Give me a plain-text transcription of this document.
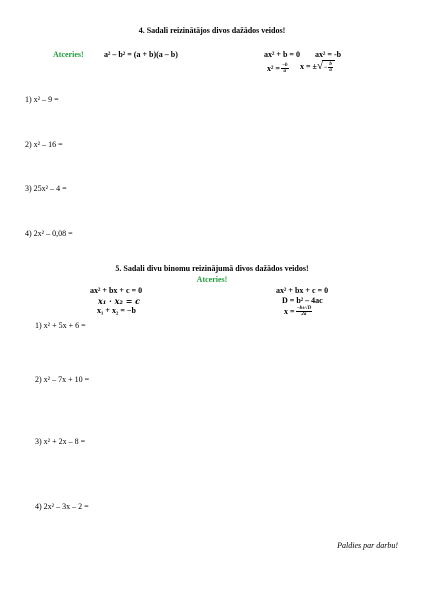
4. Sadali reizinātājos divos dažādos veidos!
Atceries!	a² – b² = (a + b)(a – b)	ax² + b = 0 ax² = -b
$x^2 = \frac{-b}{a}$ x = ± √ − $\frac{b}{a}$
1) x² – 9 =
2) x² – 16 =
3) 25x² – 4 =
4) 2x² – 0,08 =
5. Sadali divu binomu reizinājumā divos dažādos veidos!
Atceries!
ax² + bx + c = 0
x₁ · x₂ = c
x₁ + x₂ = −b
ax² + bx + c = 0
D = b² – 4ac
$x = \frac{-b\pm√D}{2a}$
1) x² + 5x + 6 =
2) x² – 7x + 10 =
3) x² + 2x – 8 =
4) 2x² – 3x – 2 =
Paldies par darbu!
